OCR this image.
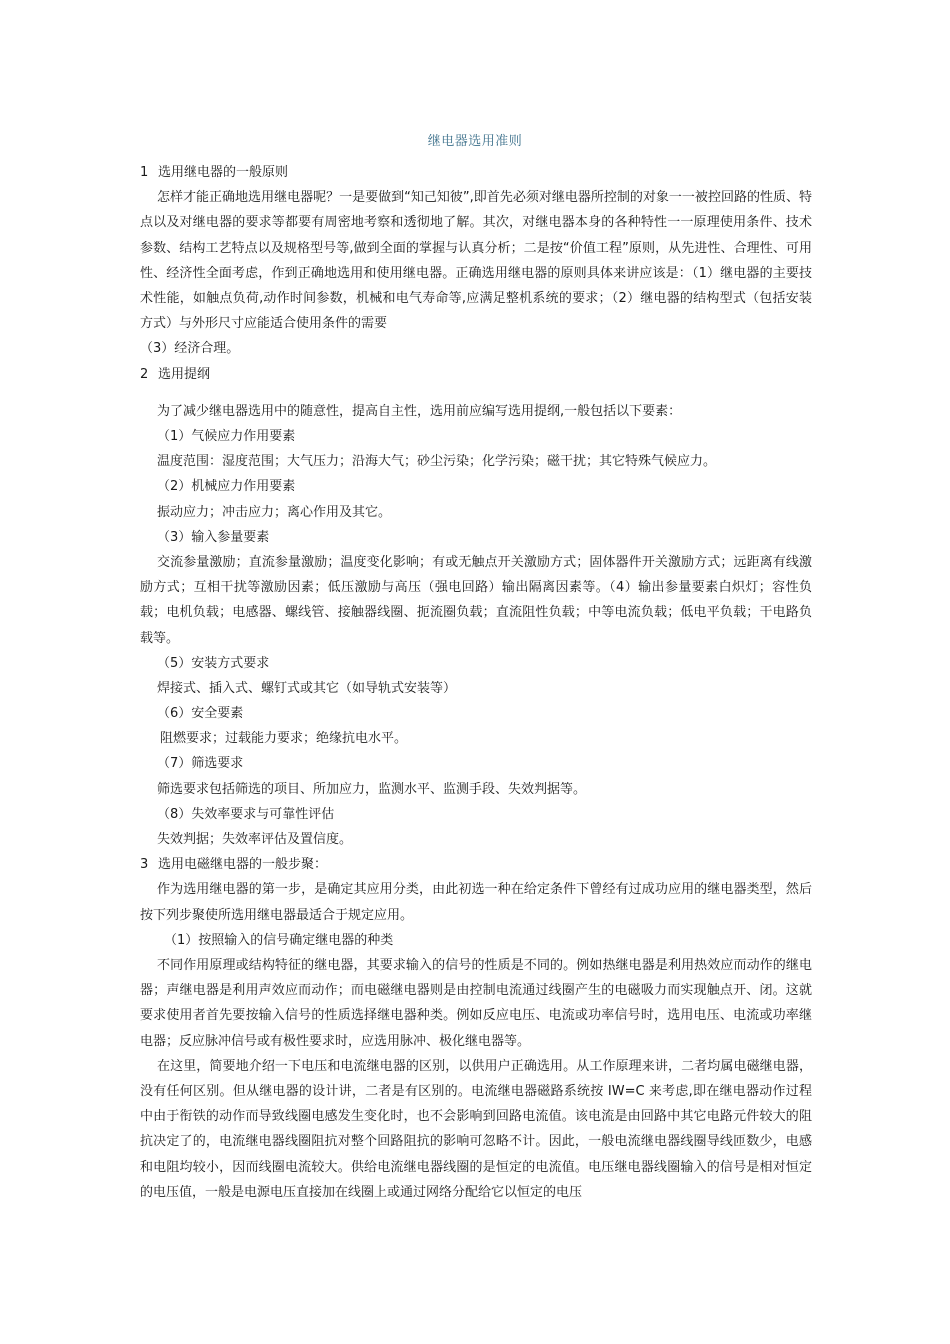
继电器选用准则
1 选用继电器的一般原则
怎样才能正确地选用继电器呢？一是要做到“知己知彼”,即首先必须对继电器所控制的对象一一被控回路的性质、特点以及对继电器的要求等都要有周密地考察和透彻地了解。其次，对继电器本身的各种特性一一原理使用条件、技术参数、结构工艺特点以及规格型号等,做到全面的掌握与认真分析；二是按“价值工程”原则，从先进性、合理性、可用性、经济性全面考虑，作到正确地选用和使用继电器。正确选用继电器的原则具体来讲应该是：（1）继电器的主要技术性能，如触点负荷,动作时间参数，机械和电气寿命等,应满足整机系统的要求；（2）继电器的结构型式（包括安装方式）与外形尺寸应能适合使用条件的需要
（3）经济合理。
2 选用提纲
为了减少继电器选用中的随意性，提高自主性，选用前应编写选用提纲,一般包括以下要素：
（1）气候应力作用要素
温度范围：湿度范围；大气压力；沿海大气；砂尘污染；化学污染；磁干扰；其它特殊气候应力。
（2）机械应力作用要素
振动应力；冲击应力；离心作用及其它。
（3）输入参量要素
交流参量激励；直流参量激励；温度变化影响；有或无触点开关激励方式；固体器件开关激励方式；远距离有线激励方式；互相干扰等激励因素；低压激励与高压（强电回路）输出隔离因素等。（4）输出参量要素白炽灯；容性负载；电机负载；电感器、螺线管、接触器线圈、扼流圈负载；直流阻性负载；中等电流负载；低电平负载；干电路负载等。
（5）安装方式要求
焊接式、插入式、螺钉式或其它（如导轨式安装等）
（6）安全要素
阻燃要求；过载能力要求；绝缘抗电水平。
（7）筛选要求
筛选要求包括筛选的项目、所加应力，监测水平、监测手段、失效判据等。
（8）失效率要求与可靠性评估
失效判据；失效率评估及置信度。
3 选用电磁继电器的一般步聚：
作为选用继电器的第一步，是确定其应用分类，由此初选一种在给定条件下曾经有过成功应用的继电器类型，然后按下列步聚使所选用继电器最适合于规定应用。
（1）按照输入的信号确定继电器的种类
不同作用原理或结构特征的继电器，其要求输入的信号的性质是不同的。例如热继电器是利用热效应而动作的继电器；声继电器是利用声效应而动作；而电磁继电器则是由控制电流通过线圈产生的电磁吸力而实现触点开、闭。这就要求使用者首先要按输入信号的性质选择继电器种类。例如反应电压、电流或功率信号时，选用电压、电流或功率继电器；反应脉冲信号或有极性要求时，应选用脉冲、极化继电器等。
在这里，简要地介绍一下电压和电流继电器的区别，以供用户正确选用。从工作原理来讲，二者均属电磁继电器，没有任何区别。但从继电器的设计讲，二者是有区别的。电流继电器磁路系统按 IW=C 来考虑,即在继电器动作过程中由于衔铁的动作而导致线圈电感发生变化时，也不会影响到回路电流值。该电流是由回路中其它电路元件较大的阻抗决定了的，电流继电器线圈阻抗对整个回路阻抗的影响可忽略不计。因此，一般电流继电器线圈导线匝数少，电感和电阻均较小，因而线圈电流较大。供给电流继电器线圈的是恒定的电流值。电压继电器线圈输入的信号是相对恒定的电压值，一般是电源电压直接加在线圈上或通过网络分配给它以恒定的电压
